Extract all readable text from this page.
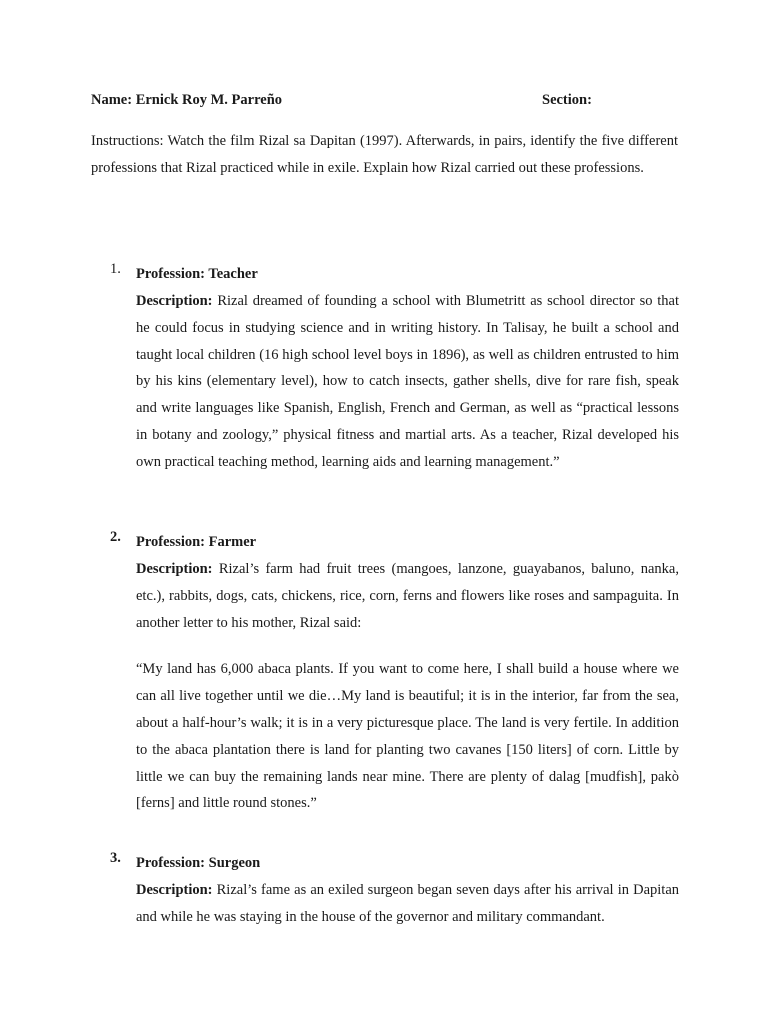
Name: Ernick Roy M. Parreño	Section:

Instructions: Watch the film Rizal sa Dapitan (1997). Afterwards, in pairs, identify the five different professions that Rizal practiced while in exile. Explain how Rizal carried out these professions.

1. Profession: Teacher

Description: Rizal dreamed of founding a school with Blumetritt as school director so that he could focus in studying science and in writing history. In Talisay, he built a school and taught local children (16 high school level boys in 1896), as well as children entrusted to him by his kins (elementary level), how to catch insects, gather shells, dive for rare fish, speak and write languages like Spanish, English, French and German, as well as “practical lessons in botany and zoology,” physical fitness and martial arts. As a teacher, Rizal developed his own practical teaching method, learning aids and learning management.”

2. Profession: Farmer

Description: Rizal’s farm had fruit trees (mangoes, lanzone, guayabanos, baluno, nanka, etc.), rabbits, dogs, cats, chickens, rice, corn, ferns and flowers like roses and sampaguita. In another letter to his mother, Rizal said:

“My land has 6,000 abaca plants. If you want to come here, I shall build a house where we can all live together until we die…My land is beautiful; it is in the interior, far from the sea, about a half-hour’s walk; it is in a very picturesque place. The land is very fertile. In addition to the abaca plantation there is land for planting two cavanes [150 liters] of corn. Little by little we can buy the remaining lands near mine. There are plenty of dalag [mudfish], pakò [ferns] and little round stones.”

3. Profession: Surgeon

Description: Rizal’s fame as an exiled surgeon began seven days after his arrival in Dapitan and while he was staying in the house of the governor and military commandant.
